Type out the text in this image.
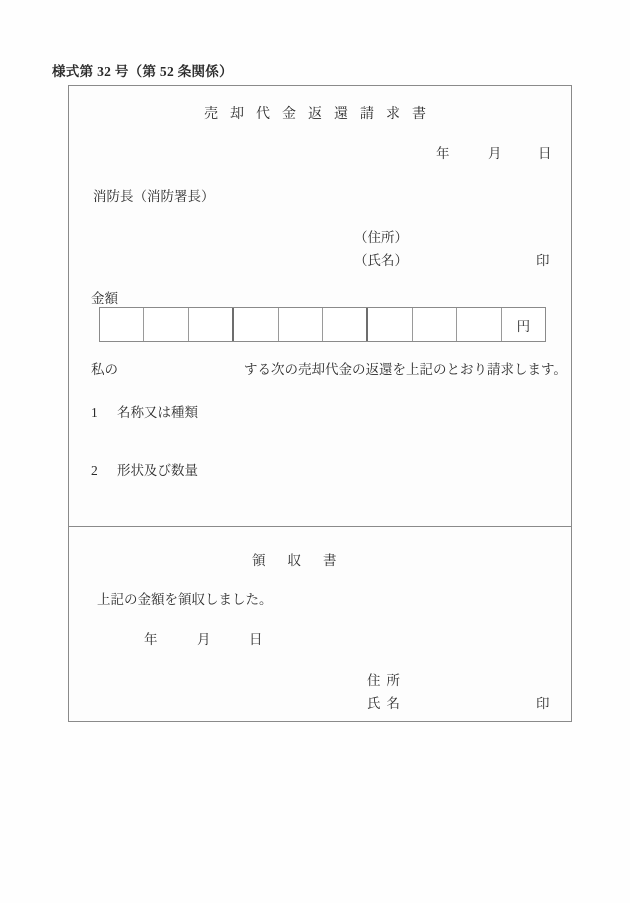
様式第 32 号（第 52 条関係）
売却代金返還請求書
年	月	日
消防長（消防署長）
（住所）
（氏名）	印
金額
円
私の	する次の売却代金の返還を上記のとおり請求します。
1 名称又は種類
2 形状及び数量
領収書
上記の金額を領収しました。
年	月	日
住所
氏名	印
